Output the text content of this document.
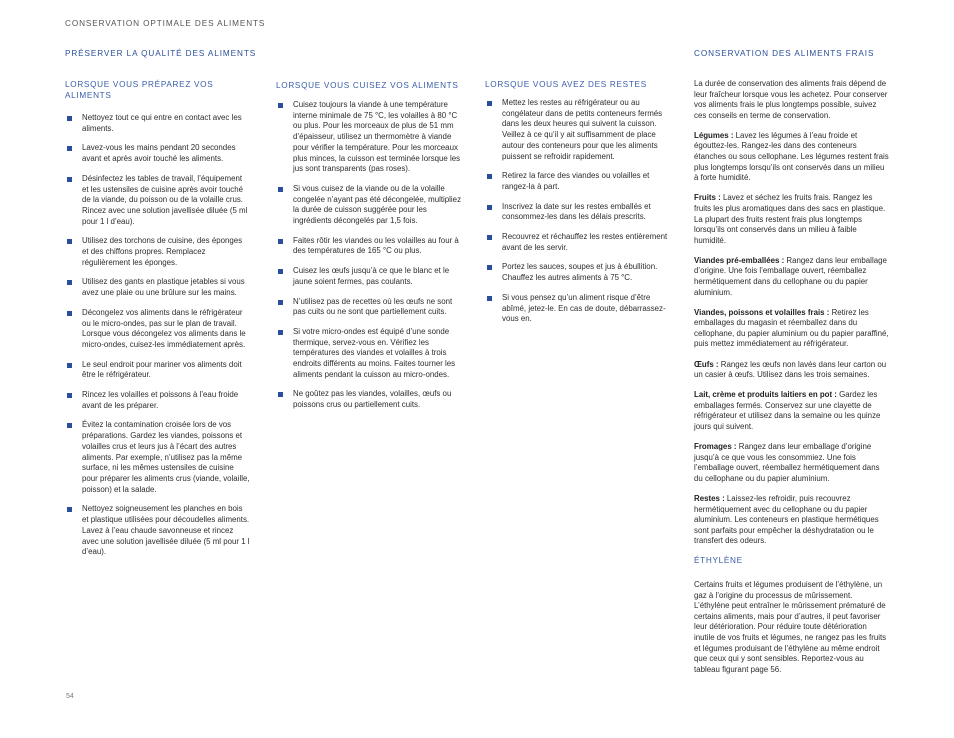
CONSERVATION OPTIMALE DES ALIMENTS
PRÉSERVER LA QUALITÉ DES ALIMENTS	CONSERVATION DES ALIMENTS FRAIS
LORSQUE VOUS PRÉPAREZ VOS ALIMENTS
Nettoyez tout ce qui entre en contact avec les aliments.
Lavez-vous les mains pendant 20 secondes avant et après avoir touché les aliments.
Désinfectez les tables de travail, l’équipement et les ustensiles de cuisine après avoir touché de la viande, du poisson ou de la volaille crus. Rincez avec une solution javellisée diluée (5 ml pour 1 l d’eau).
Utilisez des torchons de cuisine, des éponges et des chiffons propres. Remplacez régulièrement les éponges.
Utilisez des gants en plastique jetables si vous avez une plaie ou une brûlure sur les mains.
Décongelez vos aliments dans le réfrigérateur ou le micro-ondes, pas sur le plan de travail. Lorsque vous décongelez vos aliments dans le micro-ondes, cuisez-les immédiatement après.
Le seul endroit pour mariner vos aliments doit être le réfrigérateur.
Rincez les volailles et poissons à l’eau froide avant de les préparer.
Évitez la contamination croisée lors de vos préparations. Gardez les viandes, poissons et volailles crus et leurs jus à l’écart des autres aliments. Par exemple, n’utilisez pas la même surface, ni les mêmes ustensiles de cuisine pour préparer les aliments crus (viande, volaille, poisson) et la salade.
Nettoyez soigneusement les planches en bois et plastique utilisées pour découdelles aliments. Lavez à l’eau chaude savonneuse et rincez avec une solution javellisée diluée (5 ml pour 1 l d’eau).
LORSQUE VOUS CUISEZ VOS ALIMENTS
Cuisez toujours la viande à une température interne minimale de 75 °C, les volailles à 80 °C ou plus. Pour les morceaux de plus de 51 mm d’épaisseur, utilisez un thermomètre à viande pour vérifier la température. Pour les morceaux plus minces, la cuisson est terminée lorsque les jus sont transparents (pas roses).
Si vous cuisez de la viande ou de la volaille congelée n’ayant pas été décongelée, multipliez la durée de cuisson suggérée pour les ingrédients décongelés par 1,5 fois.
Faites rôtir les viandes ou les volailles au four à des températures de 165 °C ou plus.
Cuisez les œufs jusqu’à ce que le blanc et le jaune soient fermes, pas coulants.
N’utilisez pas de recettes où les œufs ne sont pas cuits ou ne sont que partiellement cuits.
Si votre micro-ondes est équipé d’une sonde thermique, servez-vous en. Vérifiez les températures des viandes et volailles à trois endroits différents au moins. Faites tourner les aliments pendant la cuisson au micro-ondes.
Ne goûtez pas les viandes, volailles, œufs ou poissons crus ou partiellement cuits.
LORSQUE VOUS AVEZ DES RESTES
Mettez les restes au réfrigérateur ou au congélateur dans de petits conteneurs fermés dans les deux heures qui suivent la cuisson. Veillez à ce qu’il y ait suffisamment de place autour des conteneurs pour que les aliments puissent se refroidir rapidement.
Retirez la farce des viandes ou volailles et rangez-la à part.
Inscrivez la date sur les restes emballés et consommez-les dans les délais prescrits.
Recouvrez et réchauffez les restes entièrement avant de les servir.
Portez les sauces, soupes et jus à ébullition. Chauffez les autres aliments à 75 °C.
Si vous pensez qu’un aliment risque d’être abîmé, jetez-le. En cas de doute, débarrassez-vous en.

La durée de conservation des aliments frais dépend de leur fraîcheur lorsque vous les achetez. Pour conserver vos aliments frais le plus longtemps possible, suivez ces conseils en terme de conservation.

Légumes : Lavez les légumes à l’eau froide et égouttez-les. Rangez-les dans des conteneurs étanches ou sous cellophane. Les légumes restent frais plus longtemps lorsqu’ils ont conservés dans un milieu à forte humidité.

Fruits : Lavez et séchez les fruits frais. Rangez les fruits les plus aromatiques dans des sacs en plastique. La plupart des fruits restent frais plus longtemps lorsqu’ils ont conservés dans un milieu à faible humidité.

Viandes pré-emballées : Rangez dans leur emballage d’origine. Une fois l’emballage ouvert, réemballez hermétiquement dans du cellophane ou du papier aluminium.

Viandes, poissons et volailles frais : Retirez les emballages du magasin et réemballez dans du cellophane, du papier aluminium ou du papier paraffiné, puis mettez immédiatement au réfrigérateur.

Œufs : Rangez les œufs non lavés dans leur carton ou un casier à œufs. Utilisez dans les trois semaines.

Lait, crème et produits laitiers en pot : Gardez les emballages fermés. Conservez sur une clayette de réfrigérateur et utilisez dans la semaine ou les quinze jours qui suivent.

Fromages : Rangez dans leur emballage d’origine jusqu’à ce que vous les consommiez. Une fois l’emballage ouvert, réemballez hermétiquement dans du cellophane ou du papier aluminium.

Restes : Laissez-les refroidir, puis recouvrez hermétiquement avec du cellophane ou du papier aluminium. Les conteneurs en plastique hermétiques sont parfaits pour empêcher la déshydratation ou le transfert des odeurs.

ÉTHYLÈNE

Certains fruits et légumes produisent de l’éthylène, un gaz à l’origine du processus de mûrissement. L’éthylène peut entraîner le mûrissement prématuré de certains aliments, mais pour d’autres, il peut favoriser leur détérioration. Pour réduire toute détérioration inutile de vos fruits et légumes, ne rangez pas les fruits et légumes produisant de l’éthylène au même endroit que ceux qui y sont sensibles. Reportez-vous au tableau figurant page 56.

54
